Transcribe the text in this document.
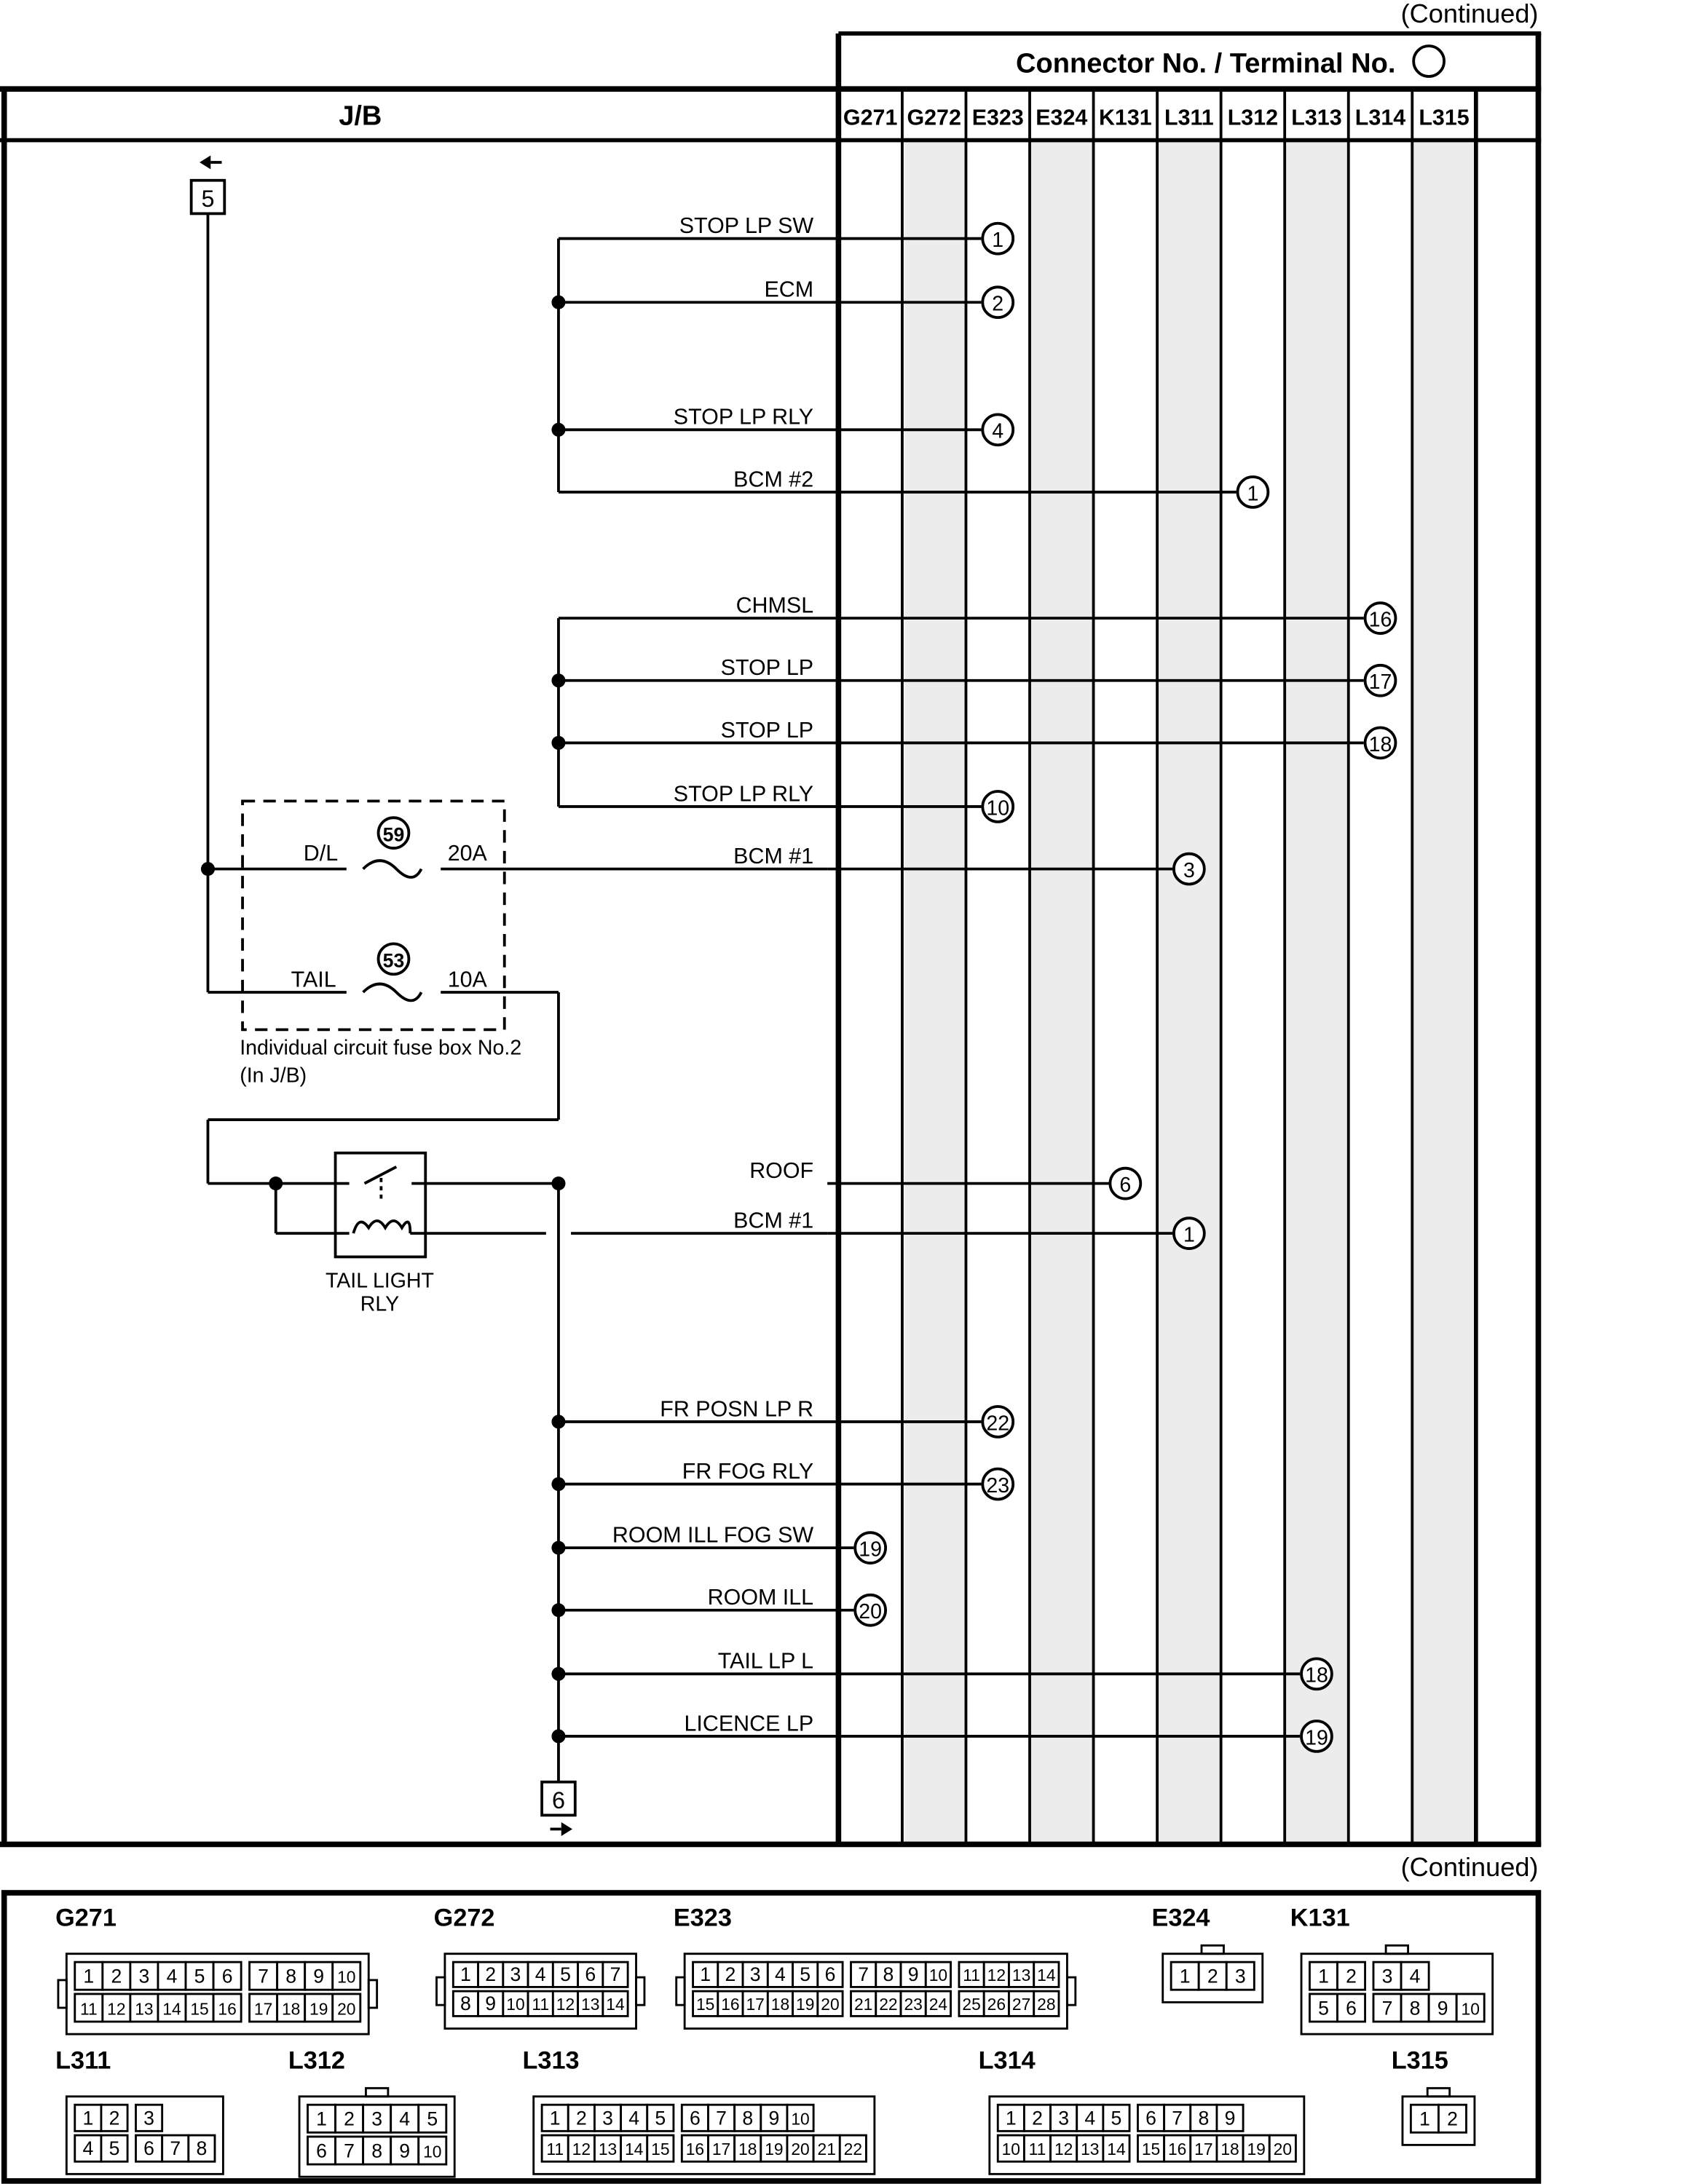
(Continued)
Connector No. / Terminal No.
J/B	G271 G272 E323 E324 K131 L311 L312 L313 L314 L315
5
6
D/L
59
20A
TAIL
53
10A
Individual circuit fuse box No.2
(In J/B)
TAIL LIGHT
RLY
STOP LP SW
1
ECM
2
STOP LP RLY
4
BCM #2
1
CHMSL
16
STOP LP
17
STOP LP
18
STOP LP RLY
10
BCM #1
3
ROOF
6
BCM #1
1
FR POSN LP R
22
FR FOG RLY
23
ROOM ILL FOG SW
19
ROOM ILL
20
TAIL LP L
18
LICENCE LP
19
(Continued)
G271
1 2 3 4 5 6 7 8 9 10
11 12 13 14 15 16 17 18 19 20
G272
1 2 3 4 5 6 7
8 9 10 11 12 13 14
E323
1 2 3 4 5 6 7 8 9 10 11 12 13 14
15 16 17 18 19 20 21 22 23 24 25 26 27 28
E324
1 2 3
K131
1 2 3 4
5 6 7 8 9 10
L311
1 2 3
4 5 6 7 8
L312
1 2 3 4 5
6 7 8 9 10
L313
1 2 3 4 5 6 7 8 9 10
11 12 13 14 15 16 17 18 19 20 21 22
L314
1 2 3 4 5 6 7 8 9
10 11 12 13 14 15 16 17 18 19 20
L315
1 2
